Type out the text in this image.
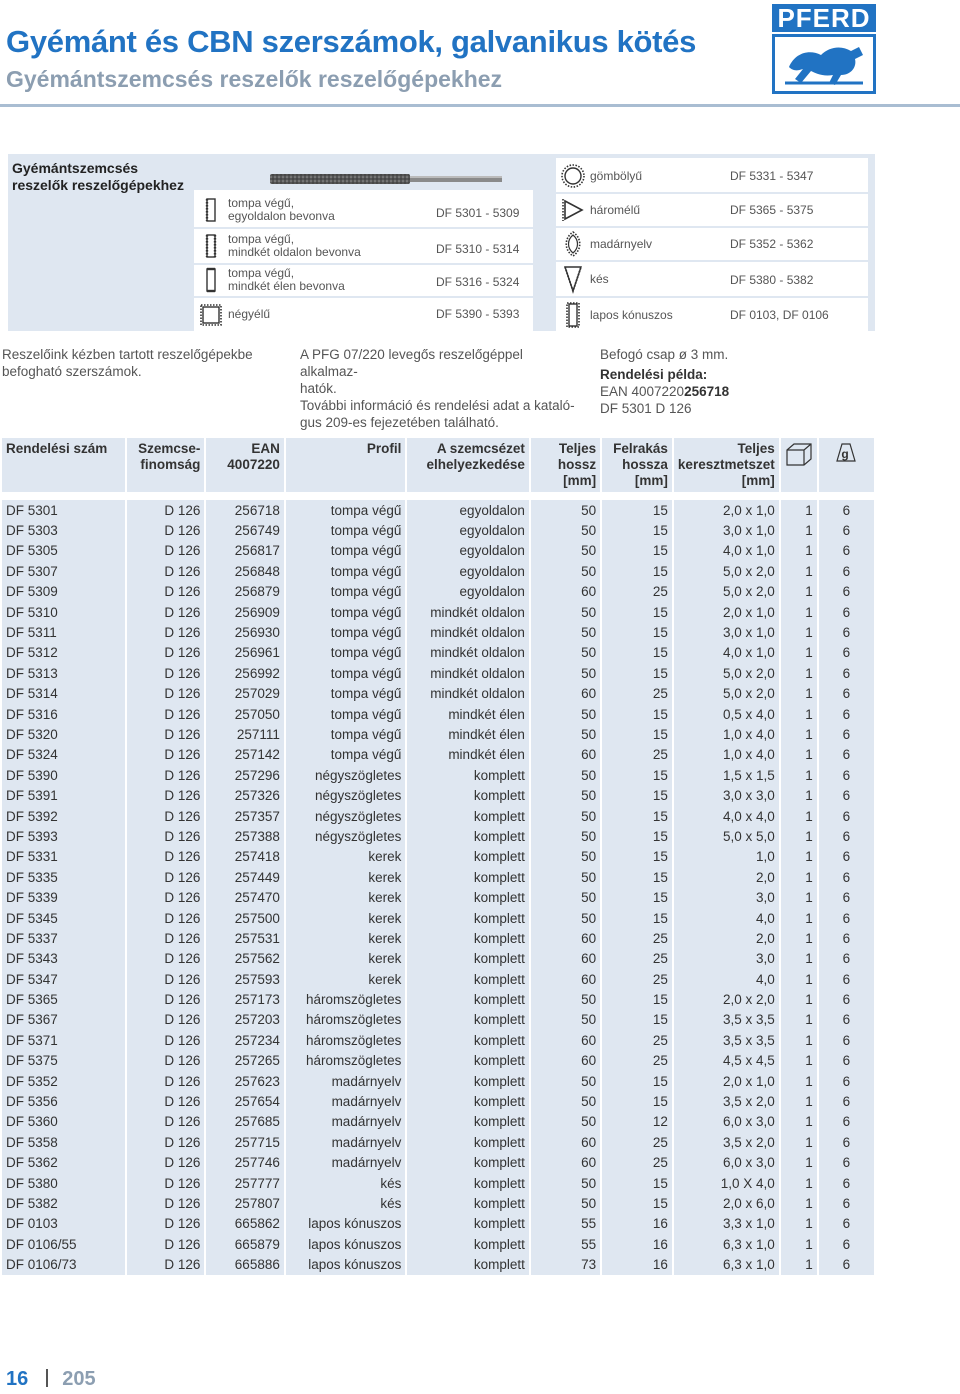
Gyémánt és CBN szerszámok, galvanikus kötés
Gyémántszemcsés reszelők reszelőgépekhez
PFERD
Gyémántszemcsés reszelők reszelőgépekhez
tompa végű,
egyoldalon bevonva	DF 5301 - 5309
tompa végű,
mindkét oldalon bevonva	DF 5310 - 5314
tompa végű,
mindkét élen bevonva	DF 5316 - 5324
négyélű	DF 5390 - 5393
gömbölyű	DF 5331 - 5347
háromélű	DF 5365 - 5375
madárnyelv	DF 5352 - 5362
kés	DF 5380 - 5382
lapos kónuszos	DF 0103, DF 0106
Reszelőink kézben tartott reszelőgépekbe befogható szerszámok.
A PFG 07/220 levegős reszelőgéppel alkalmaz-
hatók.
További információ és rendelési adat a kataló-
gus 209-es fejezetében található.
Befogó csap ø 3 mm.
Rendelési példa:
EAN 4007220256718
DF 5301 D 126
Rendelési szám	Szemcse-
finomság	EAN
4007220	Profil	A szemcsézet
elhelyezkedése	Teljes
hossz
[mm]	Felrakás
hossza
[mm]	Teljes
keresztmetszet
[mm]		g

DF 5301	D 126	256718	tompa végű	egyoldalon	50	15	2,0 x 1,0	1	6
DF 5303	D 126	256749	tompa végű	egyoldalon	50	15	3,0 x 1,0	1	6
DF 5305	D 126	256817	tompa végű	egyoldalon	50	15	4,0 x 1,0	1	6
DF 5307	D 126	256848	tompa végű	egyoldalon	50	15	5,0 x 2,0	1	6
DF 5309	D 126	256879	tompa végű	egyoldalon	60	25	5,0 x 2,0	1	6
DF 5310	D 126	256909	tompa végű	mindkét oldalon	50	15	2,0 x 1,0	1	6
DF 5311	D 126	256930	tompa végű	mindkét oldalon	50	15	3,0 x 1,0	1	6
DF 5312	D 126	256961	tompa végű	mindkét oldalon	50	15	4,0 x 1,0	1	6
DF 5313	D 126	256992	tompa végű	mindkét oldalon	50	15	5,0 x 2,0	1	6
DF 5314	D 126	257029	tompa végű	mindkét oldalon	60	25	5,0 x 2,0	1	6
DF 5316	D 126	257050	tompa végű	mindkét élen	50	15	0,5 x 4,0	1	6
DF 5320	D 126	257111	tompa végű	mindkét élen	50	15	1,0 x 4,0	1	6
DF 5324	D 126	257142	tompa végű	mindkét élen	60	25	1,0 x 4,0	1	6
DF 5390	D 126	257296	négyszögletes	komplett	50	15	1,5 x 1,5	1	6
DF 5391	D 126	257326	négyszögletes	komplett	50	15	3,0 x 3,0	1	6
DF 5392	D 126	257357	négyszögletes	komplett	50	15	4,0 x 4,0	1	6
DF 5393	D 126	257388	négyszögletes	komplett	50	15	5,0 x 5,0	1	6
DF 5331	D 126	257418	kerek	komplett	50	15	1,0	1	6
DF 5335	D 126	257449	kerek	komplett	50	15	2,0	1	6
DF 5339	D 126	257470	kerek	komplett	50	15	3,0	1	6
DF 5345	D 126	257500	kerek	komplett	50	15	4,0	1	6
DF 5337	D 126	257531	kerek	komplett	60	25	2,0	1	6
DF 5343	D 126	257562	kerek	komplett	60	25	3,0	1	6
DF 5347	D 126	257593	kerek	komplett	60	25	4,0	1	6
DF 5365	D 126	257173	háromszögletes	komplett	50	15	2,0 x 2,0	1	6
DF 5367	D 126	257203	háromszögletes	komplett	50	15	3,5 x 3,5	1	6
DF 5371	D 126	257234	háromszögletes	komplett	60	25	3,5 x 3,5	1	6
DF 5375	D 126	257265	háromszögletes	komplett	60	25	4,5 x 4,5	1	6
DF 5352	D 126	257623	madárnyelv	komplett	50	15	2,0 x 1,0	1	6
DF 5356	D 126	257654	madárnyelv	komplett	50	15	3,5 x 2,0	1	6
DF 5360	D 126	257685	madárnyelv	komplett	50	12	6,0 x 3,0	1	6
DF 5358	D 126	257715	madárnyelv	komplett	60	25	3,5 x 2,0	1	6
DF 5362	D 126	257746	madárnyelv	komplett	60	25	6,0 x 3,0	1	6
DF 5380	D 126	257777	kés	komplett	50	15	1,0 X 4,0	1	6
DF 5382	D 126	257807	kés	komplett	50	15	2,0 x 6,0	1	6
DF 0103	D 126	665862	lapos kónuszos	komplett	55	16	3,3 x 1,0	1	6
DF 0106/55	D 126	665879	lapos kónuszos	komplett	55	16	6,3 x 1,0	1	6
DF 0106/73	D 126	665886	lapos kónuszos	komplett	73	16	6,3 x 1,0	1	6
16 205
